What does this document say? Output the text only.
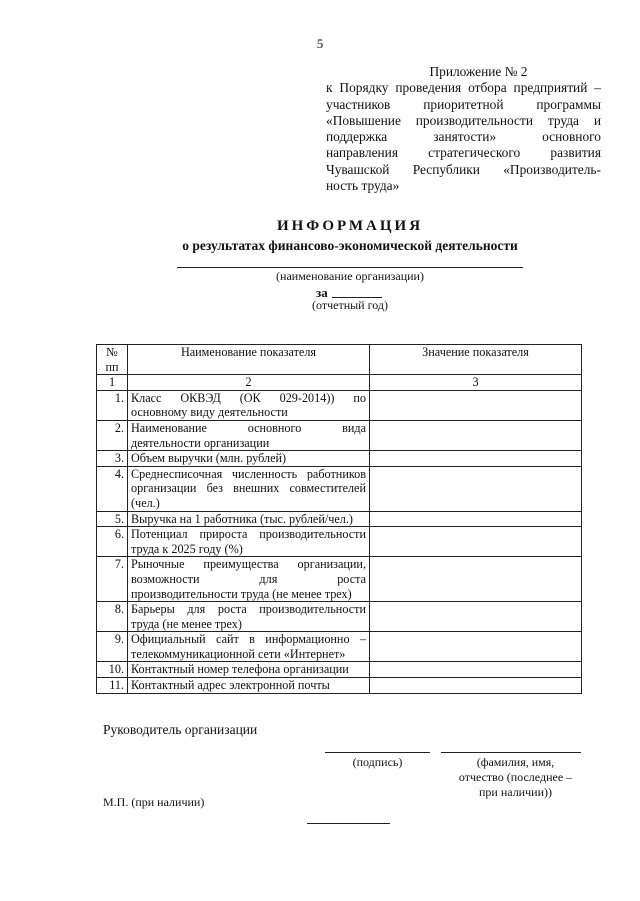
5
Приложение № 2
к Порядку проведения отбора предприятий –
участников приоритетной программы
«Повышение производительности труда и
поддержка занятости» основного
направления стратегического развития
Чувашской Республики «Производитель-
ность труда»
ИНФОРМАЦИЯ
о результатах финансово-экономической деятельности
(наименование организации)
за
(отчетный год)
№
пп	Наименование показателя	Значение показателя
1	2	3
1.	Класс ОКВЭД (ОК 029-2014)) по
основному виду деятельности	

2.	Наименование основного вида
деятельности организации	

3.	Объем выручки (млн. рублей)	

4.	Среднесписочная численность работников
организации без внешних совместителей
(чел.)	

5.	Выручка на 1 работника (тыс. рублей/чел.)	

6.	Потенциал прироста производительности
труда к 2025 году (%)	

7.	Рыночные преимущества организации,
возможности для роста
производительности труда (не менее трех)	

8.	Барьеры для роста производительности
труда (не менее трех)	

9.	Официальный сайт в информационно –
телекоммуникационной сети «Интернет»	

10.	Контактный номер телефона организации	

11.	Контактный адрес электронной почты	

Руководитель организации
(подпись)	(фамилия, имя,
отчество (последнее –
при наличии))
М.П. (при наличии)
